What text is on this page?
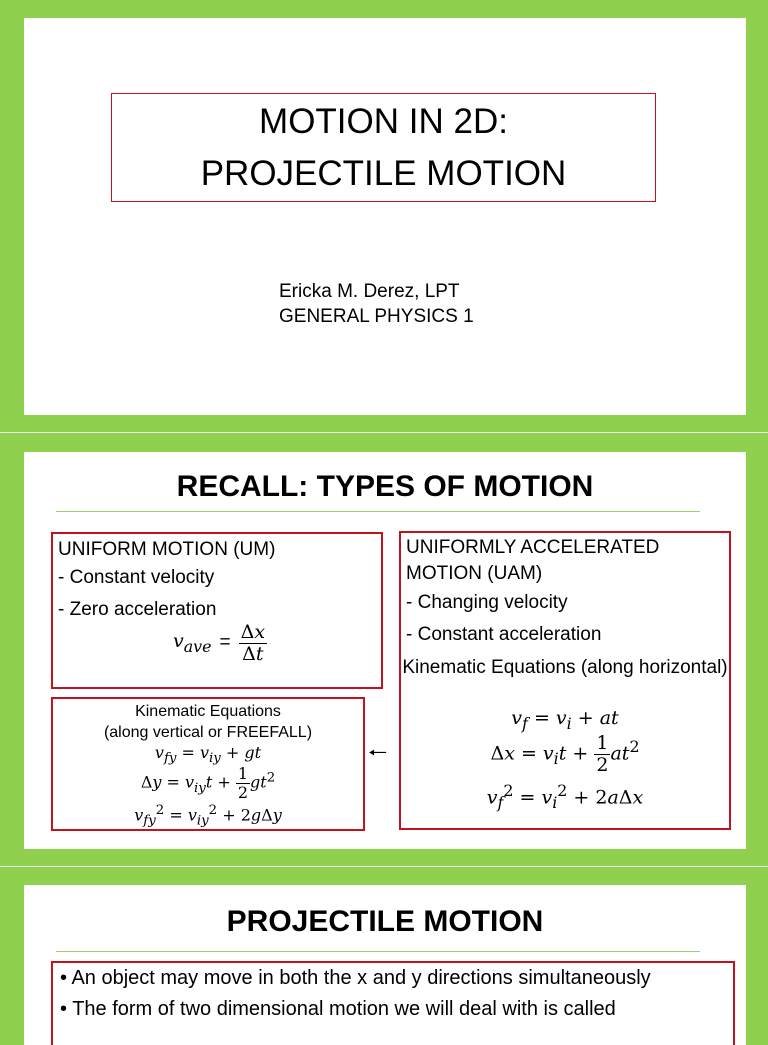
MOTION IN 2D:
PROJECTILE MOTION
Ericka M. Derez, LPT
GENERAL PHYSICS 1
RECALL: TYPES OF MOTION
UNIFORM MOTION (UM)
- Constant velocity
- Zero acceleration
$v_{ave} = \frac{\Delta x}{\Delta t}$
UNIFORMLY ACCELERATED MOTION (UAM)
- Changing velocity
- Constant acceleration
Kinematic Equations (along horizontal)
$v_f = v_i$ + at
$\Delta x = v_it + \frac{1}{2} at^2$
$v_f^2 = v_i^2 + 2a\Delta x$
Kinematic Equations
(along vertical or FREEFALL)
$v_{fy} = v_{iy}$ + gt
$\Delta y = v_{iy}t + \frac{1}{2} gt^2$
$v_{fy}^2 = v_{iy}^2 + 2g\Delta y$
🠐
PROJECTILE MOTION
• An object may move in both the x and y directions simultaneously
• The form of two dimensional motion we will deal with is called
